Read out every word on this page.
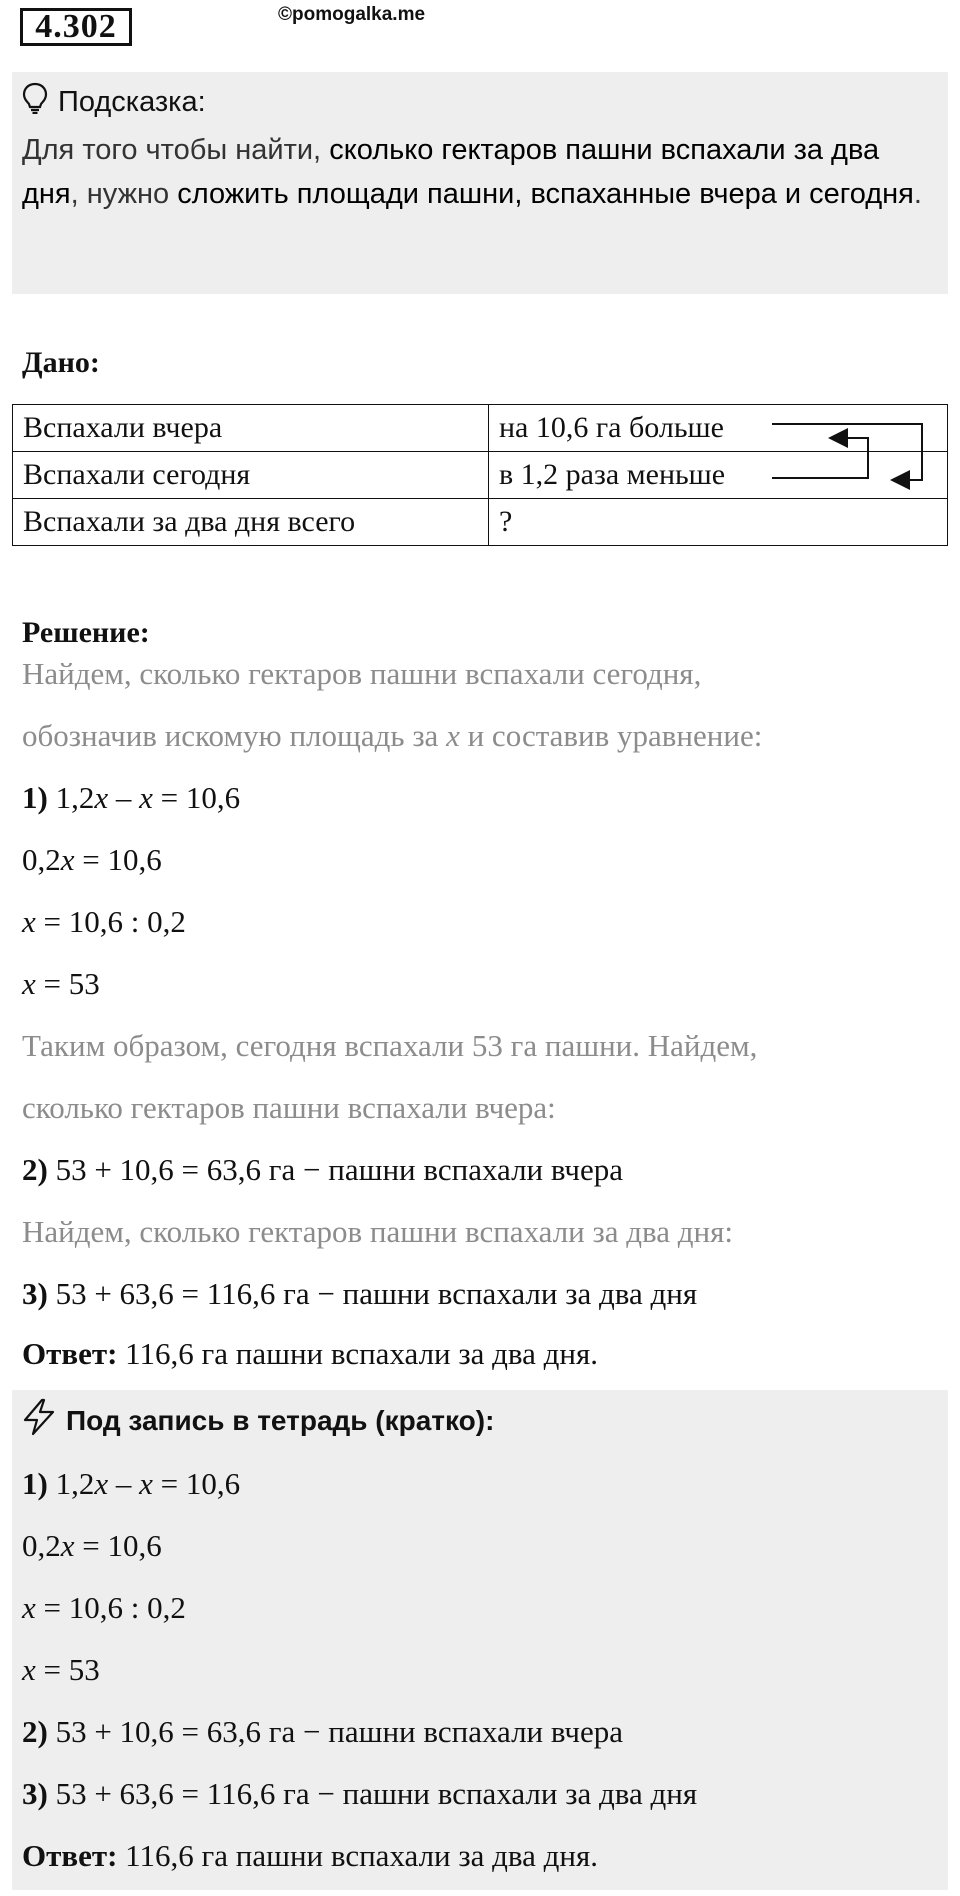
4.302	©pomogalka.me
Подсказка:
Для того чтобы найти, сколько гектаров пашни вспахали за два дня, нужно сложить площади пашни, вспаханные вчера и сегодня.
Дано:
Вспахали вчера	на 10,6 га больше
Вспахали сегодня	в 1,2 раза меньше
Вспахали за два дня всего	?
Решение:
Найдем, сколько гектаров пашни вспахали сегодня,
обозначив искомую площадь за x и составив уравнение:
1) 1,2x – x = 10,6
0,2x = 10,6
x = 10,6 : 0,2
x = 53
Таким образом, сегодня вспахали 53 га пашни. Найдем,
сколько гектаров пашни вспахали вчера:
2) 53 + 10,6 = 63,6 га − пашни вспахали вчера
Найдем, сколько гектаров пашни вспахали за два дня:
3) 53 + 63,6 = 116,6 га − пашни вспахали за два дня
Ответ: 116,6 га пашни вспахали за два дня.
Под запись в тетрадь (кратко):
1) 1,2x – x = 10,6
0,2x = 10,6
x = 10,6 : 0,2
x = 53
2) 53 + 10,6 = 63,6 га − пашни вспахали вчера
3) 53 + 63,6 = 116,6 га − пашни вспахали за два дня
Ответ: 116,6 га пашни вспахали за два дня.
